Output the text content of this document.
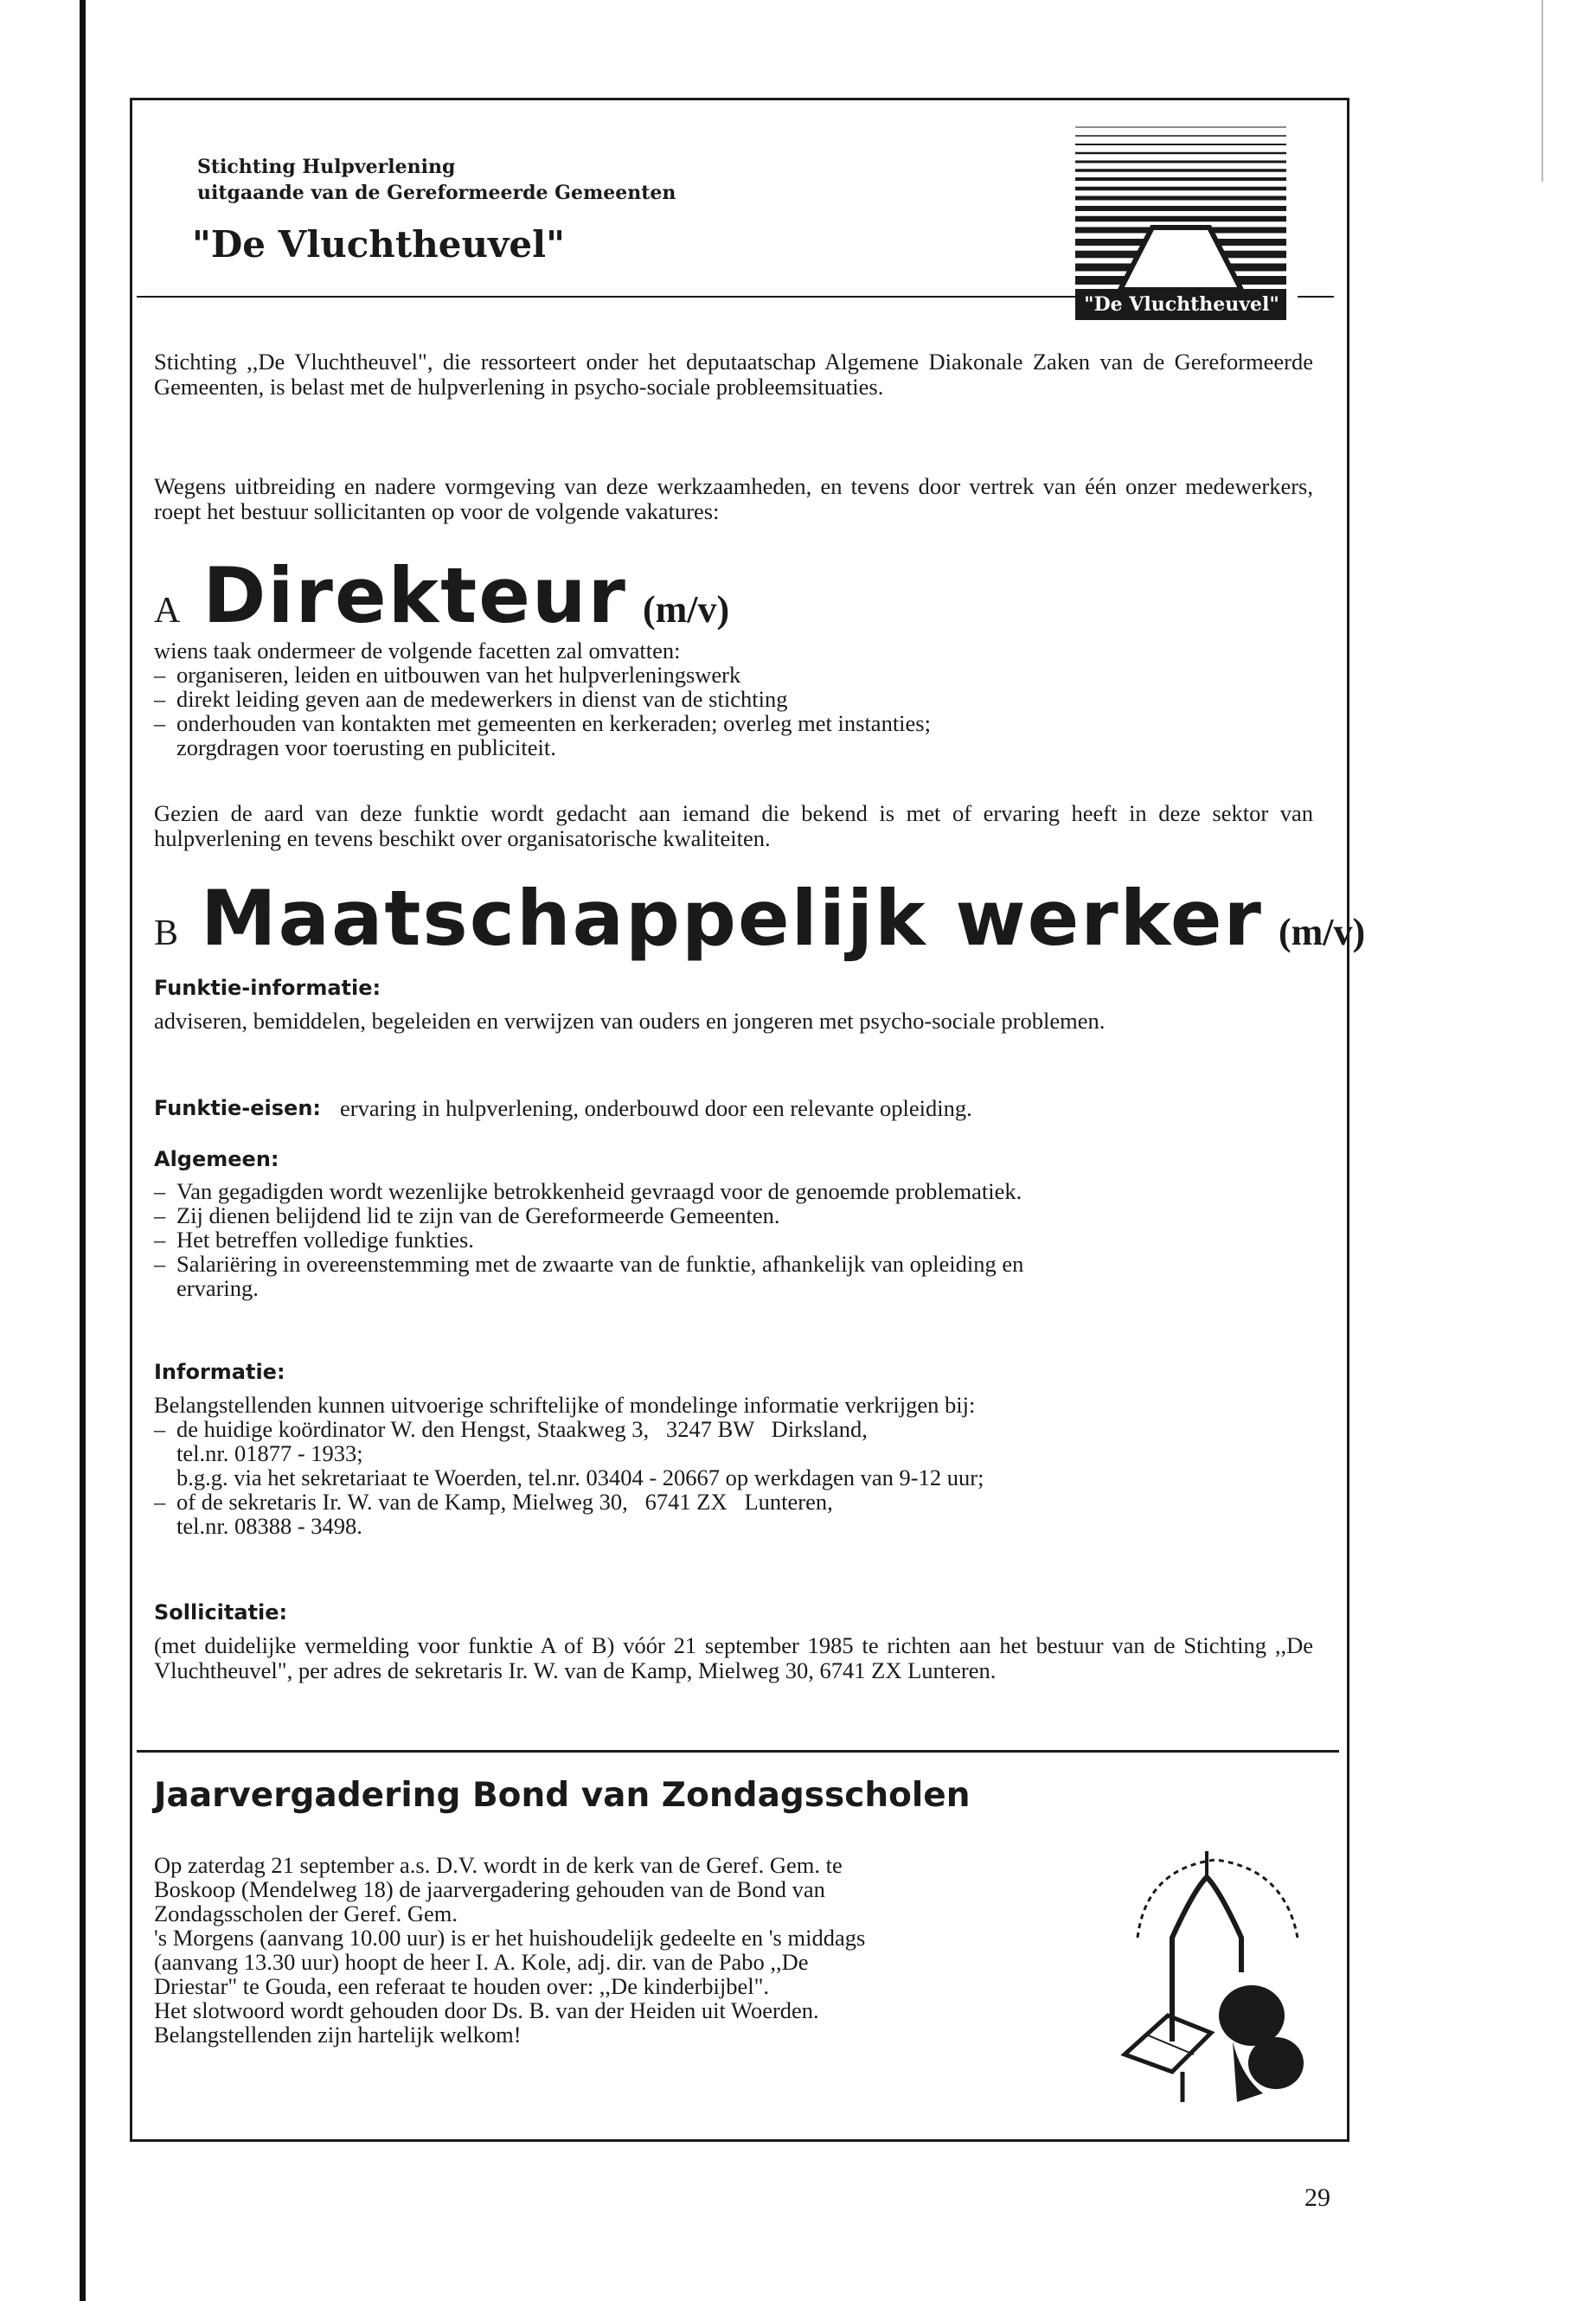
Stichting Hulpverlening
uitgaande van de Gereformeerde Gemeenten
"De Vluchtheuvel"
"De Vluchtheuvel"
Stichting ,,De Vluchtheuvel", die ressorteert onder het deputaatschap Algemene Diakonale Zaken van de Gereformeerde Gemeenten, is belast met de hulpverlening in psycho-sociale probleemsituaties.
Wegens uitbreiding en nadere vormgeving van deze werkzaamheden, en tevens door vertrek van één onzer medewerkers, roept het bestuur sollicitanten op voor de volgende vakatures:
A Direkteur (m/v)
wiens taak ondermeer de volgende facetten zal omvatten:
– organiseren, leiden en uitbouwen van het hulpverleningswerk
– direkt leiding geven aan de medewerkers in dienst van de stichting
– onderhouden van kontakten met gemeenten en kerkeraden; overleg met instanties;
zorgdragen voor toerusting en publiciteit.
Gezien de aard van deze funktie wordt gedacht aan iemand die bekend is met of ervaring heeft in deze sektor van hulpverlening en tevens beschikt over organisatorische kwaliteiten.
B Maatschappelijk werker (m/v)
Funktie-informatie:
adviseren, bemiddelen, begeleiden en verwijzen van ouders en jongeren met psycho-sociale problemen.
Funktie-eisen: ervaring in hulpverlening, onderbouwd door een relevante opleiding.
Algemeen:
– Van gegadigden wordt wezenlijke betrokkenheid gevraagd voor de genoemde problematiek.
– Zij dienen belijdend lid te zijn van de Gereformeerde Gemeenten.
– Het betreffen volledige funkties.
– Salariëring in overeenstemming met de zwaarte van de funktie, afhankelijk van opleiding en
ervaring.
Informatie:
Belangstellenden kunnen uitvoerige schriftelijke of mondelinge informatie verkrijgen bij:
– de huidige koördinator W. den Hengst, Staakweg 3,   3247 BW   Dirksland,
tel.nr. 01877 - 1933;
b.g.g. via het sekretariaat te Woerden, tel.nr. 03404 - 20667 op werkdagen van 9-12 uur;
– of de sekretaris Ir. W. van de Kamp, Mielweg 30,   6741 ZX   Lunteren,
tel.nr. 08388 - 3498.
Sollicitatie:
(met duidelijke vermelding voor funktie A of B) vóór 21 september 1985 te richten aan het bestuur van de Stichting ,,De Vluchtheuvel", per adres de sekretaris Ir. W. van de Kamp, Mielweg 30, 6741 ZX Lunteren.
Jaarvergadering Bond van Zondagsscholen
Op zaterdag 21 september a.s. D.V. wordt in de kerk van de Geref. Gem. te
Boskoop (Mendelweg 18) de jaarvergadering gehouden van de Bond van
Zondagsscholen der Geref. Gem.
's Morgens (aanvang 10.00 uur) is er het huishoudelijk gedeelte en 's middags
(aanvang 13.30 uur) hoopt de heer I. A. Kole, adj. dir. van de Pabo ,,De
Driestar" te Gouda, een referaat te houden over: ,,De kinderbijbel".
Het slotwoord wordt gehouden door Ds. B. van der Heiden uit Woerden.
Belangstellenden zijn hartelijk welkom!
29
